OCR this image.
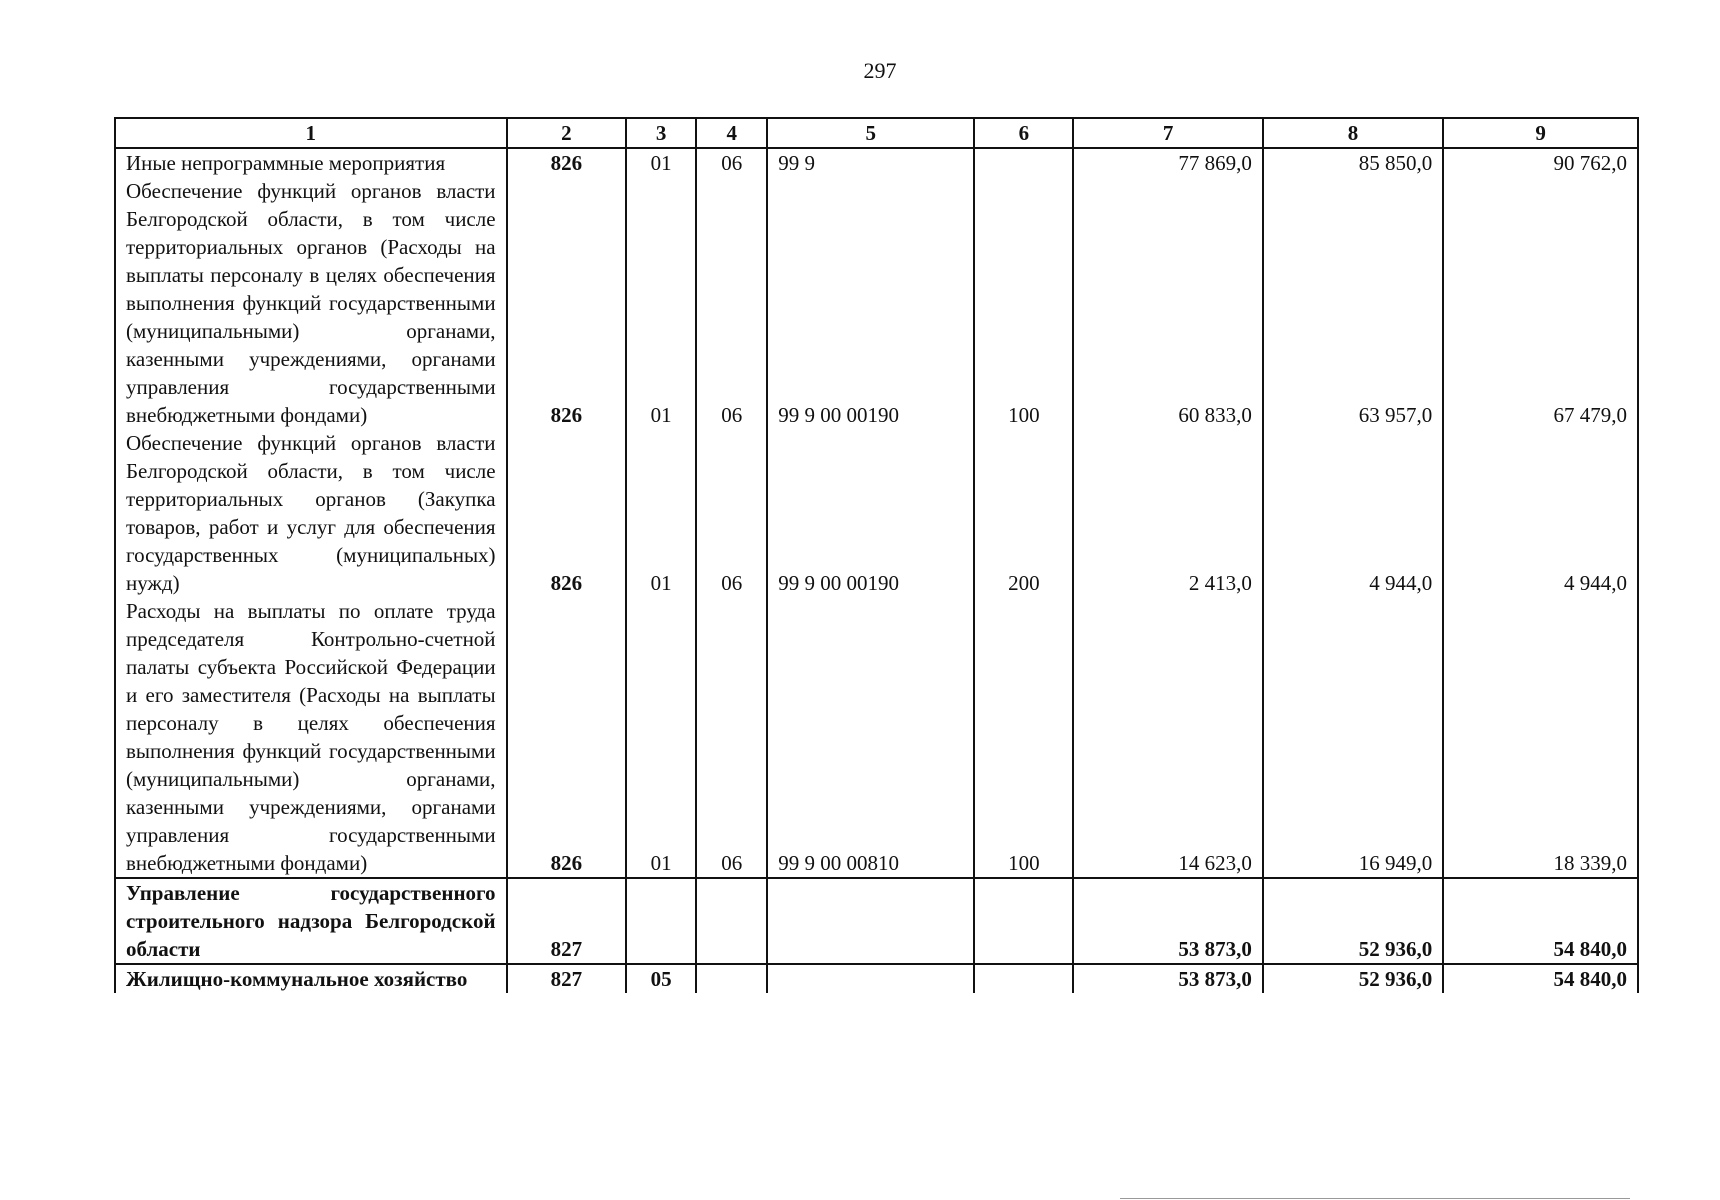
297
1	2	3	4	5	6	7	8	9
Иные непрограммные мероприятия	826	01	06	99 9		77 869,0	85 850,0	90 762,0
Обеспечение функций органов власти Белгородской области, в том числе территориальных органов (Расходы на выплаты персоналу в целях обеспечения выполнения функций государственными (муниципальными) органами, казенными учреждениями, органами управления государственными внебюджетными фондами)	826	01	06	99 9 00 00190	100	60 833,0	63 957,0	67 479,0
Обеспечение функций органов власти Белгородской области, в том числе территориальных органов (Закупка товаров, работ и услуг для обеспечения государственных (муниципальных) нужд)	826	01	06	99 9 00 00190	200	2 413,0	4 944,0	4 944,0
Расходы на выплаты по оплате труда председателя Контрольно-счетной палаты субъекта Российской Федерации и его заместителя (Расходы на выплаты персоналу в целях обеспечения выполнения функций государственными (муниципальными) органами, казенными учреждениями, органами управления государственными внебюджетными фондами)	826	01	06	99 9 00 00810	100	14 623,0	16 949,0	18 339,0
Управление государственного строительного надзора Белгородской области	827					53 873,0	52 936,0	54 840,0
Жилищно-коммунальное хозяйство	827	05				53 873,0	52 936,0	54 840,0
